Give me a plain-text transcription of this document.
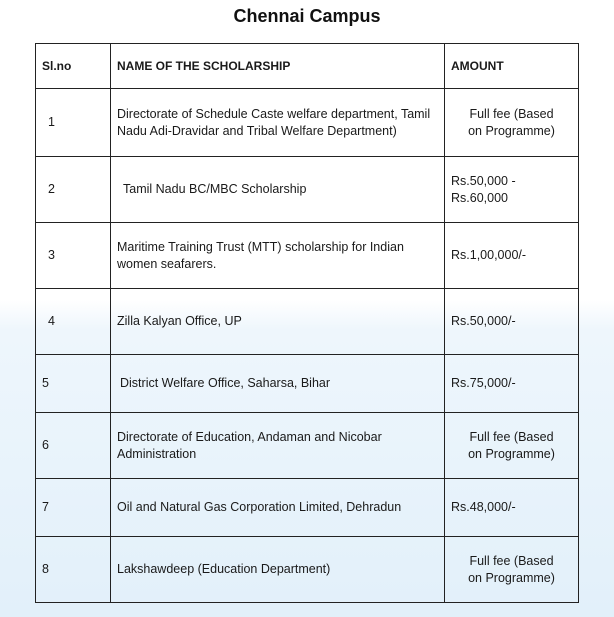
Chennai Campus
Sl.no	NAME OF THE SCHOLARSHIP	AMOUNT
1	Directorate of Schedule Caste welfare department, Tamil Nadu Adi-Dravidar and Tribal Welfare Department)	Full fee (Based on Programme)
2	Tamil Nadu BC/MBC Scholarship	Rs.50,000 - Rs.60,000
3	Maritime Training Trust (MTT) scholarship for Indian women seafarers.	Rs.1,00,000/-
4	Zilla Kalyan Office, UP	Rs.50,000/-
5	District Welfare Office, Saharsa, Bihar	Rs.75,000/-
6	Directorate of Education, Andaman and Nicobar Administration	Full fee (Based on Programme)
7	Oil and Natural Gas Corporation Limited, Dehradun	Rs.48,000/-
8	Lakshawdeep (Education Department)	Full fee (Based on Programme)
